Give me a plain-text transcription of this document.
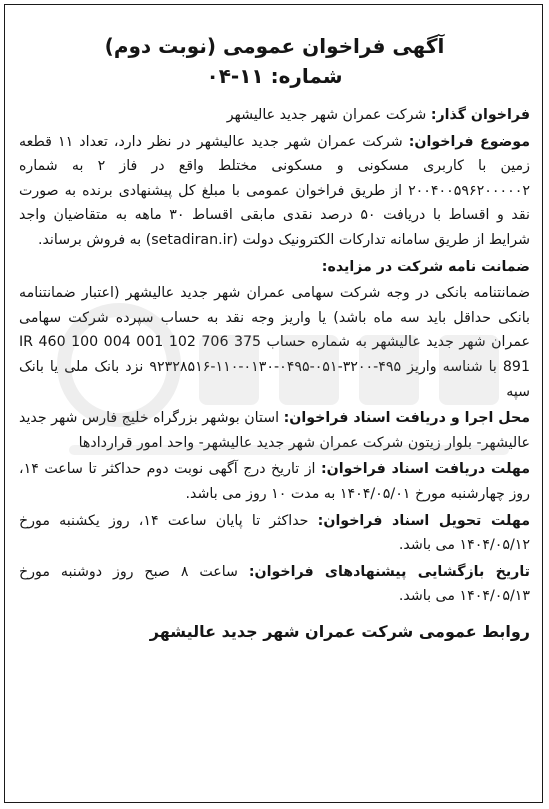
آگهی فراخوان عمومی (نوبت دوم)

شماره: ۱۱-۰۴

فراخوان گذار: شرکت عمران شهر جدید عالیشهر

موضوع فراخوان: شرکت عمران شهر جدید عالیشهر در نظر دارد، تعداد ۱۱ قطعه زمین با کاربری مسکونی و مسکونی مختلط واقع در فاز ۲ به شماره ۲۰۰۴۰۰۵۹۶۲۰۰۰۰۰۲ از طریق فراخوان عمومی با مبلغ کل پیشنهادی برنده به صورت نقد و اقساط با دریافت ۵۰ درصد نقدی مابقی اقساط ۳۰ ماهه به متقاضیان واجد شرایط از طریق سامانه تدارکات الکترونیک دولت (setadiran.ir) به فروش برساند.

ضمانت نامه شرکت در مزایده:

ضمانتنامه بانکی در وجه شرکت سهامی عمران شهر جدید عالیشهر (اعتبار ضمانتنامه بانکی حداقل باید سه ماه باشد) یا واریز وجه نقد به حساب سپرده شرکت سهامی عمران شهر جدید عالیشهر به شماره حساب IR 460 100 004 001 102 706 375 891 با شناسه واریز ۴۹۵-۳۲۰۰-۰۵۱-۰۴۹۵-۰۱۳۰-۱۱۰-۹۲۳۲۸۵۱۶ نزد بانک ملی یا بانک سپه

محل اجرا و دریافت اسناد فراخوان: استان بوشهر بزرگراه خلیج فارس شهر جدید عالیشهر- بلوار زیتون شرکت عمران شهر جدید عالیشهر- واحد امور قراردادها

مهلت دریافت اسناد فراخوان: از تاریخ درج آگهی نوبت دوم حداکثر تا ساعت ۱۴، روز چهارشنبه مورخ ۱۴۰۴/۰۵/۰۱ به مدت ۱۰ روز می باشد.

مهلت تحویل اسناد فراخوان: حداکثر تا پایان ساعت ۱۴، روز یکشنبه مورخ ۱۴۰۴/۰۵/۱۲ می باشد.

تاریخ بازگشایی پیشنهادهای فراخوان: ساعت ۸ صبح روز دوشنبه مورخ ۱۴۰۴/۰۵/۱۳ می باشد.

روابط عمومی شرکت عمران شهر جدید عالیشهر
